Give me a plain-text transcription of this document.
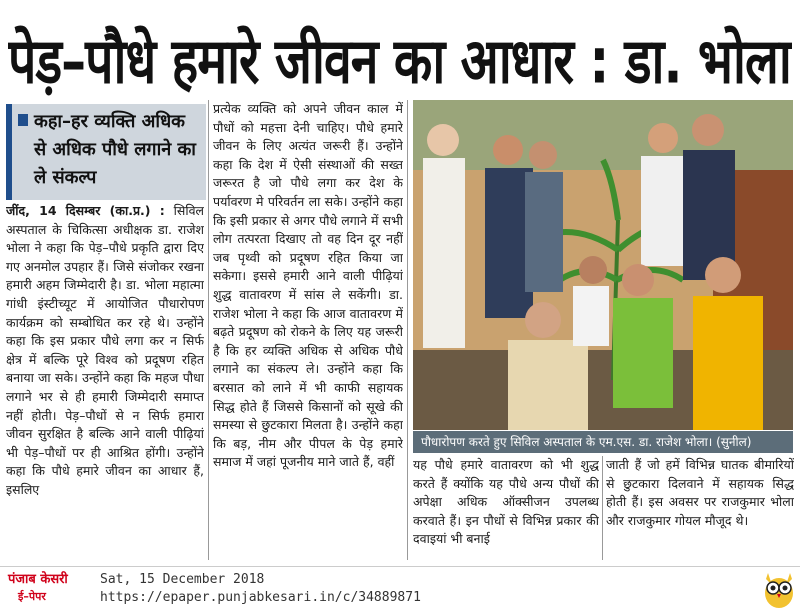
पेड़–पौधे हमारे जीवन का आधार : डा. भोला
कहा–हर व्यक्ति अधिक से अधिक पौधे लगाने का ले संकल्प
जींद, 14 दिसम्बर (का.प्र.) : सिविल अस्पताल के चिकित्सा अधीक्षक डा. राजेश भोला ने कहा कि पेड़–पौधे प्रकृति द्वारा दिए गए अनमोल उपहार हैं। जिसे संजोकर रखना हमारी अहम जिम्मेदारी है। डा. भोला महात्मा गांधी इंस्टीच्यूट में आयोजित पौधारोपण कार्यक्रम को सम्बोधित कर रहे थे। उन्होंने कहा कि इस प्रकार पौधे लगा कर न सिर्फ क्षेत्र में बल्कि पूरे विश्व को प्रदूषण रहित बनाया जा सके। उन्होंने कहा कि महज पौधा लगाने भर से ही हमारी जिम्मेदारी समाप्त नहीं होती। पेड़–पौधों से न सिर्फ हमारा जीवन सुरक्षित है बल्कि आने वाली पीढ़ियां भी पेड़–पौधों पर ही आश्रित होंगी। उन्होंने कहा कि पौधे हमारे जीवन का आधार हैं, इसलिए
प्रत्येक व्यक्ति को अपने जीवन काल में पौधों को महत्ता देनी चाहिए। पौधे हमारे जीवन के लिए अत्यंत जरूरी हैं। उन्होंने कहा कि देश में ऐसी संस्थाओं की सख्त जरूरत है जो पौधे लगा कर देश के पर्यावरण मे परिवर्तन ला सके। उन्होंने कहा कि इसी प्रकार से अगर पौधे लगाने में सभी लोग तत्परता दिखाए तो वह दिन दूर नहीं जब पृथ्वी को प्रदूषण रहित किया जा सकेगा। इससे हमारी आने वाली पीढ़ियां शुद्ध वातावरण में सांस ले सकेंगी। डा. राजेश भोला ने कहा कि आज वातावरण में बढ़ते प्रदूषण को रोकने के लिए यह जरूरी है कि हर व्यक्ति अधिक से अधिक पौधे लगाने का संकल्प ले। उन्होंने कहा कि बरसात को लाने में भी काफी सहायक सिद्ध होते हैं जिससे किसानों को सूखे की समस्या से छुटकारा मिलता है। उन्होंने कहा कि बड़, नीम और पीपल के पेड़ हमारे समाज में जहां पूजनीय माने जाते हैं, वहीं
पौधारोपण करते हुए सिविल अस्पताल के एम.एस. डा. राजेश भोला। (सुनील)
यह पौधे हमारे वातावरण को भी शुद्ध करते हैं क्योंकि यह पौधे अन्य पौधों की अपेक्षा अधिक ऑक्सीजन उपलब्ध करवाते हैं। इन पौधों से विभिन्न प्रकार की दवाइयां भी बनाई
जाती हैं जो हमें विभिन्न घातक बीमारियों से छुटकारा दिलवाने में सहायक सिद्ध होती हैं। इस अवसर पर राजकुमार भोला और राजकुमार गोयल मौजूद थे।
पंजाब केसरी
ई–पेपर
Sat, 15 December 2018
https://epaper.punjabkesari.in/c/34889871
